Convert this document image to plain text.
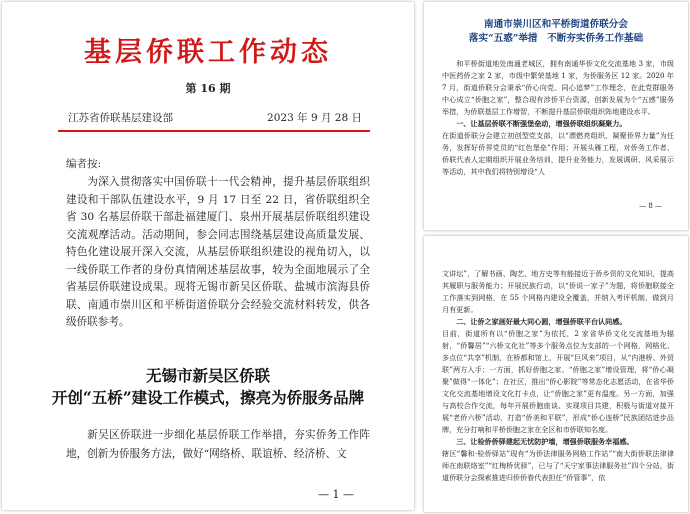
基层侨联工作动态
第 16 期
江苏省侨联基层建设部	2023 年 9 月 28 日
编者按:
为深入贯彻落实中国侨联十一代会精神，提升基层侨联组织建设和干部队伍建设水平，9 月 17 日至 22 日，省侨联组织全省 30 名基层侨联干部赴福建厦门、泉州开展基层侨联组织建设交流观摩活动。活动期间，参会同志围绕基层建设高质量发展、特色化建设展开深入交流，从基层侨联组织建设的视角切入，以一线侨联工作者的身份真情阐述基层故事，较为全面地展示了全省基层侨联建设成果。现将无锡市新吴区侨联、盐城市滨海县侨联、南通市崇川区和平桥街道侨联分会经验交流材料转发，供各级侨联参考。
无锡市新吴区侨联
开创“五桥”建设工作模式，擦亮为侨服务品牌
新吴区侨联进一步细化基层侨联工作举措，夯实侨务工作阵地，创新为侨服务方法，做好“网络桥、联谊桥、经济桥、文
— 1 —
南通市崇川区和平桥街道侨联分会
落实“五惑”举措　不断夯实侨务工作基础
和平桥街道地处南通老城区，拥有南通华侨文化交流基地 3 家，市级中医药侨之家 2 家，市级中繁荣基地 1 家，为侨服务区 12 家。2020 年 7 月，街道侨联分会秉承“侨心向党、同心追梦”工作理念，在此党群服务中心成立“侨胞之家”，整合现有涉侨平台资源，创新发展为个“五感”服务举措，为侨联基层工作增智，不断提升基层侨联组织阵地建设水平。
一、让基层侨联不断强堡垒动，增强侨联组织凝聚力。
在街道侨联分会建立初创型党支部，以“漂燃亮组织、凝聚侨界力量”为任务，发挥好侨界党员的“红色堡垒”作用；开展头雁工程，对侨务工作者、侨联代表人定期组织开展业务培训，提升业务能力，发展调研、风采展示等活动，其中我们将特别增设“人
— 8 —
文讲坛”，了解书画、陶艺、地方史等有能接近于侨乡资的文化知识，提高其履职与服务能力；开展民族行动，以“侨说一家子”为题，将侨胞联接全工作落实到网格，在 55 个网格内建设全覆盖，并纳入考评机制，做到月月有更新。
二、让侨之家画好最大同心圆，增强侨联平台认同感。
目前，街道所有以“侨胞之家”为依托，2 家省华侨文化交流基地为辐射，“侨馨居”“六桥文化社”等多个服务点位为支部的一个网格，网格化、多点位“共享”机制，在桥都和馆上，开展“巨风来”项目，从“内港桥、外贸联”两方入手；一方面，抓好侨胞之家、“侨胞之家”增设管理，将“侨心凝聚”做得“一体化”；在社区，推出“侨心影院”等常态化志愿活动，在省华侨文化交流基地增设文化打卡点，让“侨胞之家”更有温度。另一方面，加强与高校合作交流，每年开展侨胞座谈、实现项目共建，积极与街道对接开展“老侨六桥”活动，打造“侨美和平联”，形成“侨心连桥”民族团结进步品牌，充分打响和平桥侨胞之家在全区和市侨联知名度。
三、让检侨侨驿建起无忧防护墙，增强侨联服务幸福感。
辖区“馨和·检侨驿站”现有“为侨法律服务网格工作站”“南大街侨联法律律师在南联络室”“红梅桥优驿”，已与了“天宁家事法律服务社”四个分站，街道侨联分会探索推进归侨侨眷代表担任“侨管事”，依
